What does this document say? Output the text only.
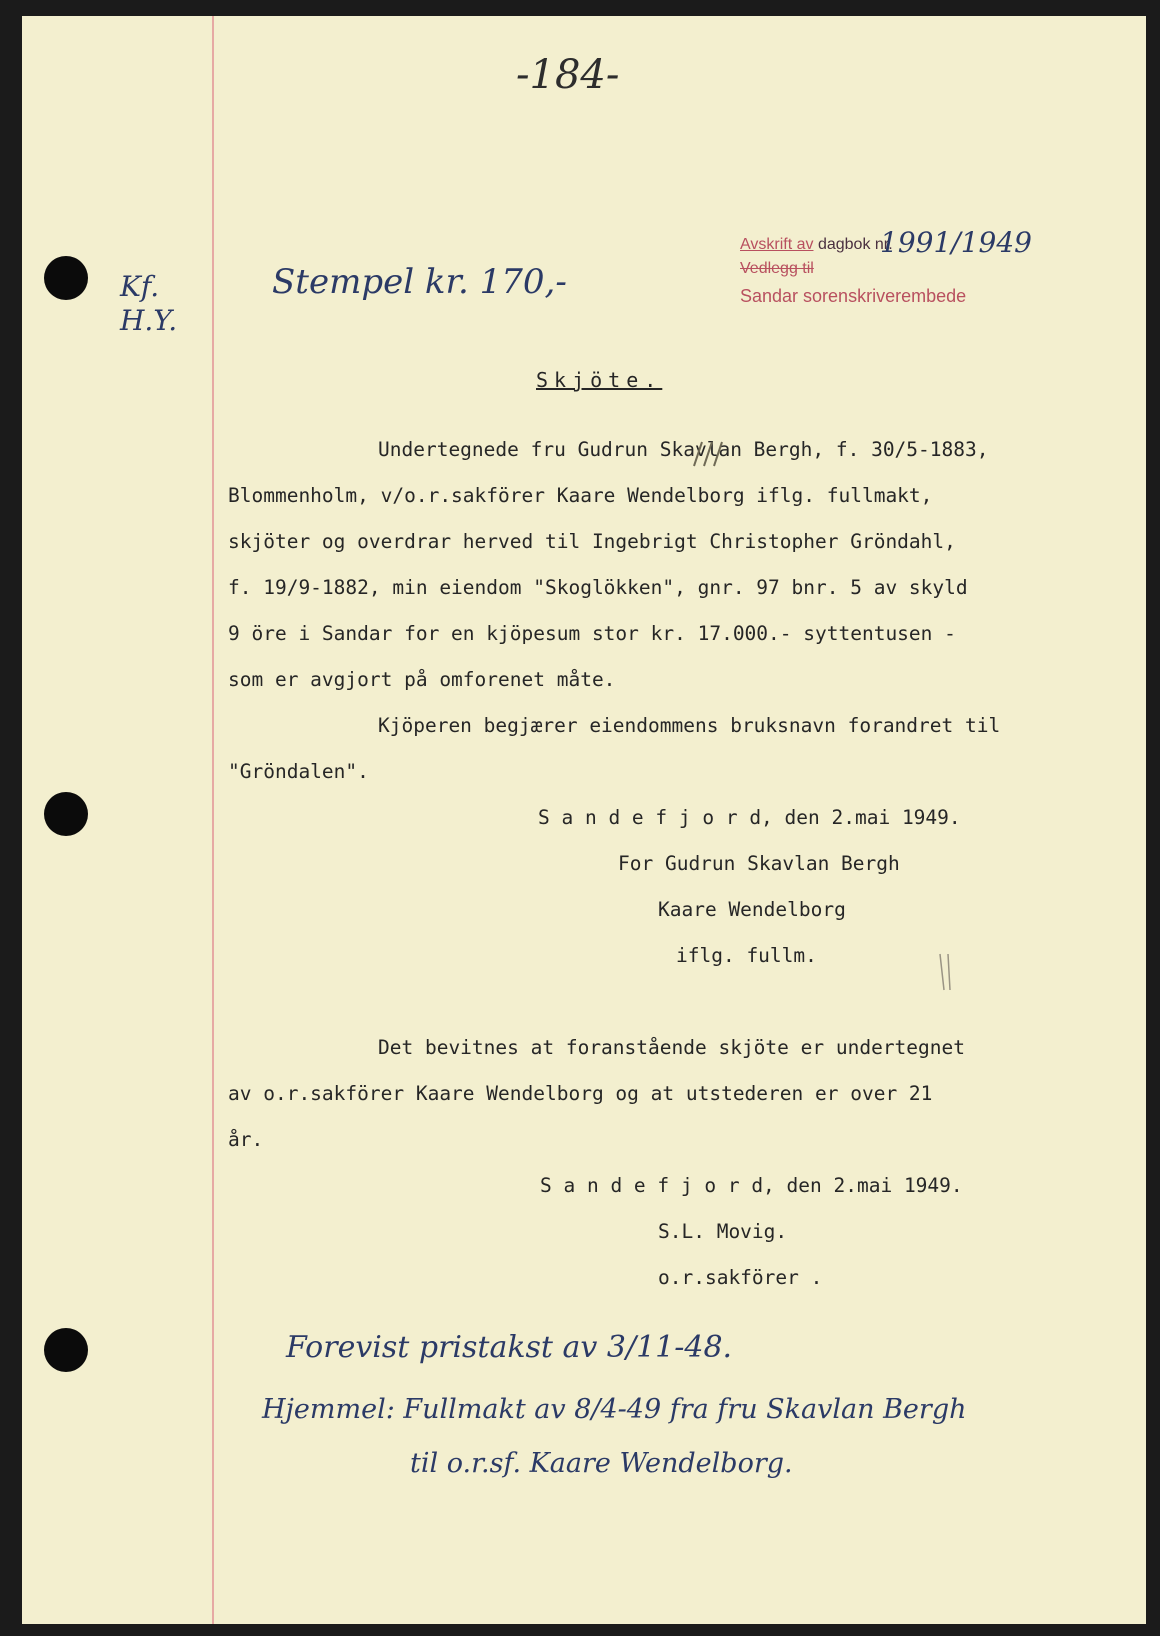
-184-
Avskrift av dagbok nr.
1991/1949
Vedlegg til
Sandar sorenskriverembede
Stempel kr. 170,-
Kf. H.Y.
Skjöte.
Undertegnede fru Gudrun Skavlan Bergh, f. 30/5-1883,
Blommenholm, v/o.r.sakförer Kaare Wendelborg iflg. fullmakt,
skjöter og overdrar herved til Ingebrigt Christopher Gröndahl,
f. 19/9-1882, min eiendom "Skoglökken", gnr. 97 bnr. 5 av skyld
9 öre i Sandar for en kjöpesum stor kr. 17.000.- syttentusen -
som er avgjort på omforenet måte.
Kjöperen begjærer eiendommens bruksnavn forandret til
"Gröndalen".
S a n d e f j o r d, den 2.mai 1949.
For Gudrun Skavlan Bergh
Kaare Wendelborg
iflg. fullm.
Det bevitnes at foranstående skjöte er undertegnet
av o.r.sakförer Kaare Wendelborg og at utstederen er over 21
år.
S a n d e f j o r d, den 2.mai 1949.
S.L. Movig.
o.r.sakförer .
Forevist pristakst av 3/11-48.
Hjemmel: Fullmakt av 8/4-49 fra fru Skavlan Bergh
til o.r.sf. Kaare Wendelborg.
